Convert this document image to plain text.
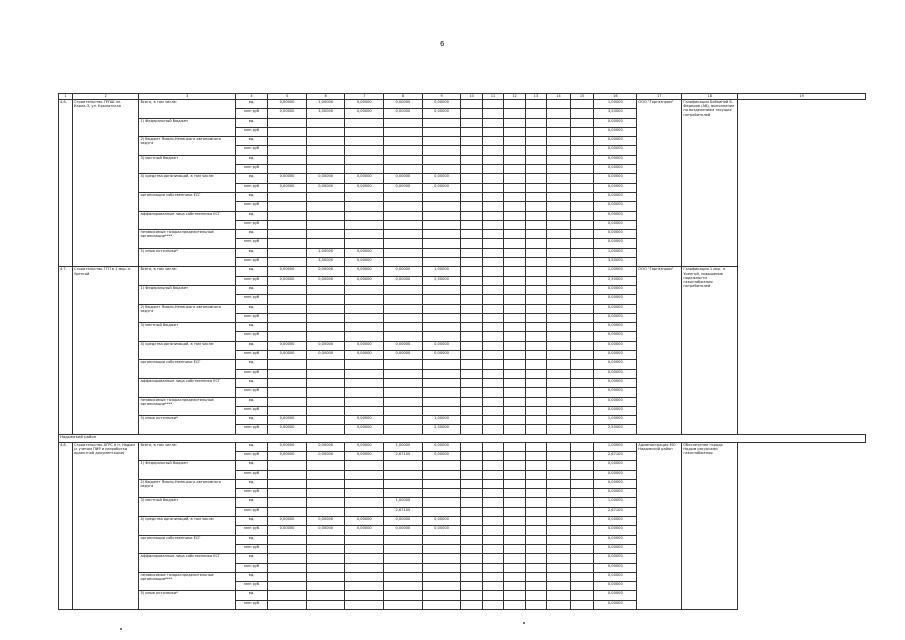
6
1	2	3	4	5	6	7	8	9	10	11	12	13	14	15	16	17	18	19
4.6.	Строительство ГРПШ пл. Карла-3, ул. Крылатская	Всего, в том числе:	ед.	0,00000	1,00000	0,00000	0,00000	0,00000							1,00000	ООО "Горгазпром"	Газификация Бейкиной Б. Федеров (АВ), выполнение по возделениям текущих потребителей	
			млн руб	0,00000	3,50000	0,00000	0,00000	0,00000							3,50000			
		1) Федеральный бюджет	ед.												0,00000			
			млн руб												0,00000			
		2) бюджет Ямало-Ненецкого автономного округа	ед.												0,00000			
			млн руб												0,00000			
		3) местный бюджет	ед.												0,00000			
			млн руб												0,00000			
		4) средства организаций, в том числе:	ед.	0,00000	0,00000	0,00000	0,00000	0,00000							0,00000			
			млн руб	0,00000	0,00000	0,00000	0,00000	0,00000							0,00000			
		организации собственники ЕСГ	ед.												0,00000			
			млн руб												0,00000			
		аффилированные лица собственника ЕСГ	ед.												0,00000			
			млн руб												0,00000			
		независимые газораспределительные организации****	ед.												0,00000			
			млн руб												0,00000			
		5) иные источники*	ед.		1,00000	0,00000									1,00000			
			млн руб		3,50000	0,00000									3,50000			
4.7.	Строительство ГГП в 1 мкр. п. Уренгой	Всего, в том числе:	ед.	0,00000	0,00000	0,00000	0,00000	1,00000							1,00000	ООО "Горгазпром"	Газификация 1 мкр. п. Уренгой, повышение надежности газоснабжения потребителей	
			млн руб	0,00000	0,00000	0,00000	0,00000	2,50000							2,50000			
		1) Федеральный бюджет	ед.												0,00000			
			млн руб												0,00000			
		2) бюджет Ямало-Ненецкого автономного округа	ед.												0,00000			
			млн руб												0,00000			
		3) местный бюджет	ед.												0,00000			
			млн руб												0,00000			
		4) средства организаций, в том числе:	ед.	0,00000	0,00000	0,00000	0,00000	0,00000							0,00000			
			млн руб	0,00000	0,00000	0,00000	0,00000	0,00000							0,00000			
		организации собственники ЕСГ	ед.												0,00000			
			млн руб												0,00000			
		аффилированные лица собственника ЕСГ	ед.												0,00000			
			млн руб												0,00000			
		независимые газораспределительные организации****	ед.												0,00000			
			млн руб												0,00000			
		5) иные источники*	ед.	0,00000		0,00000		1,00000							1,00000			
			млн руб	0,00000		0,00000		2,50000							2,50000			
Надымский район																		
4.8.	Строительство АГРС в п. Надым (с учетом ПИР и разработки проектной документации)	Всего, в том числе:	ед.	0,00000	0,00000	0,00000	1,00000	0,00000							1,00000	Администрация МО Надымский район	Обеспечение города Надым ресурсами газоснабжения	
			млн руб	0,00000	0,00000	0,00000	2,67100	0,00000							2,67100			
		1) Федеральный бюджет	ед.												0,00000			
			млн руб												0,00000			
		2) бюджет Ямало-Ненецкого автономного округа	ед.												0,00000			
			млн руб												0,00000			
		3) местный бюджет	ед.				1,00000								1,00000			
			млн руб				2,67100								2,67100			
		4) средства организаций, в том числе:	ед.	0,00000	0,00000	0,00000	0,00000	0,00000							0,00000			
			млн руб	0,00000	0,00000	0,00000	0,00000	0,00000							0,00000			
		организации собственники ЕСГ	ед.												0,00000			
			млн руб												0,00000			
		аффилированные лица собственника ЕСГ	ед.												0,00000			
			млн руб												0,00000			
		независимые газораспределительные организации****	ед.												0,00000			
			млн руб												0,00000			
		5) иные источники*	ед.												0,00000			
			млн руб												0,00000			
